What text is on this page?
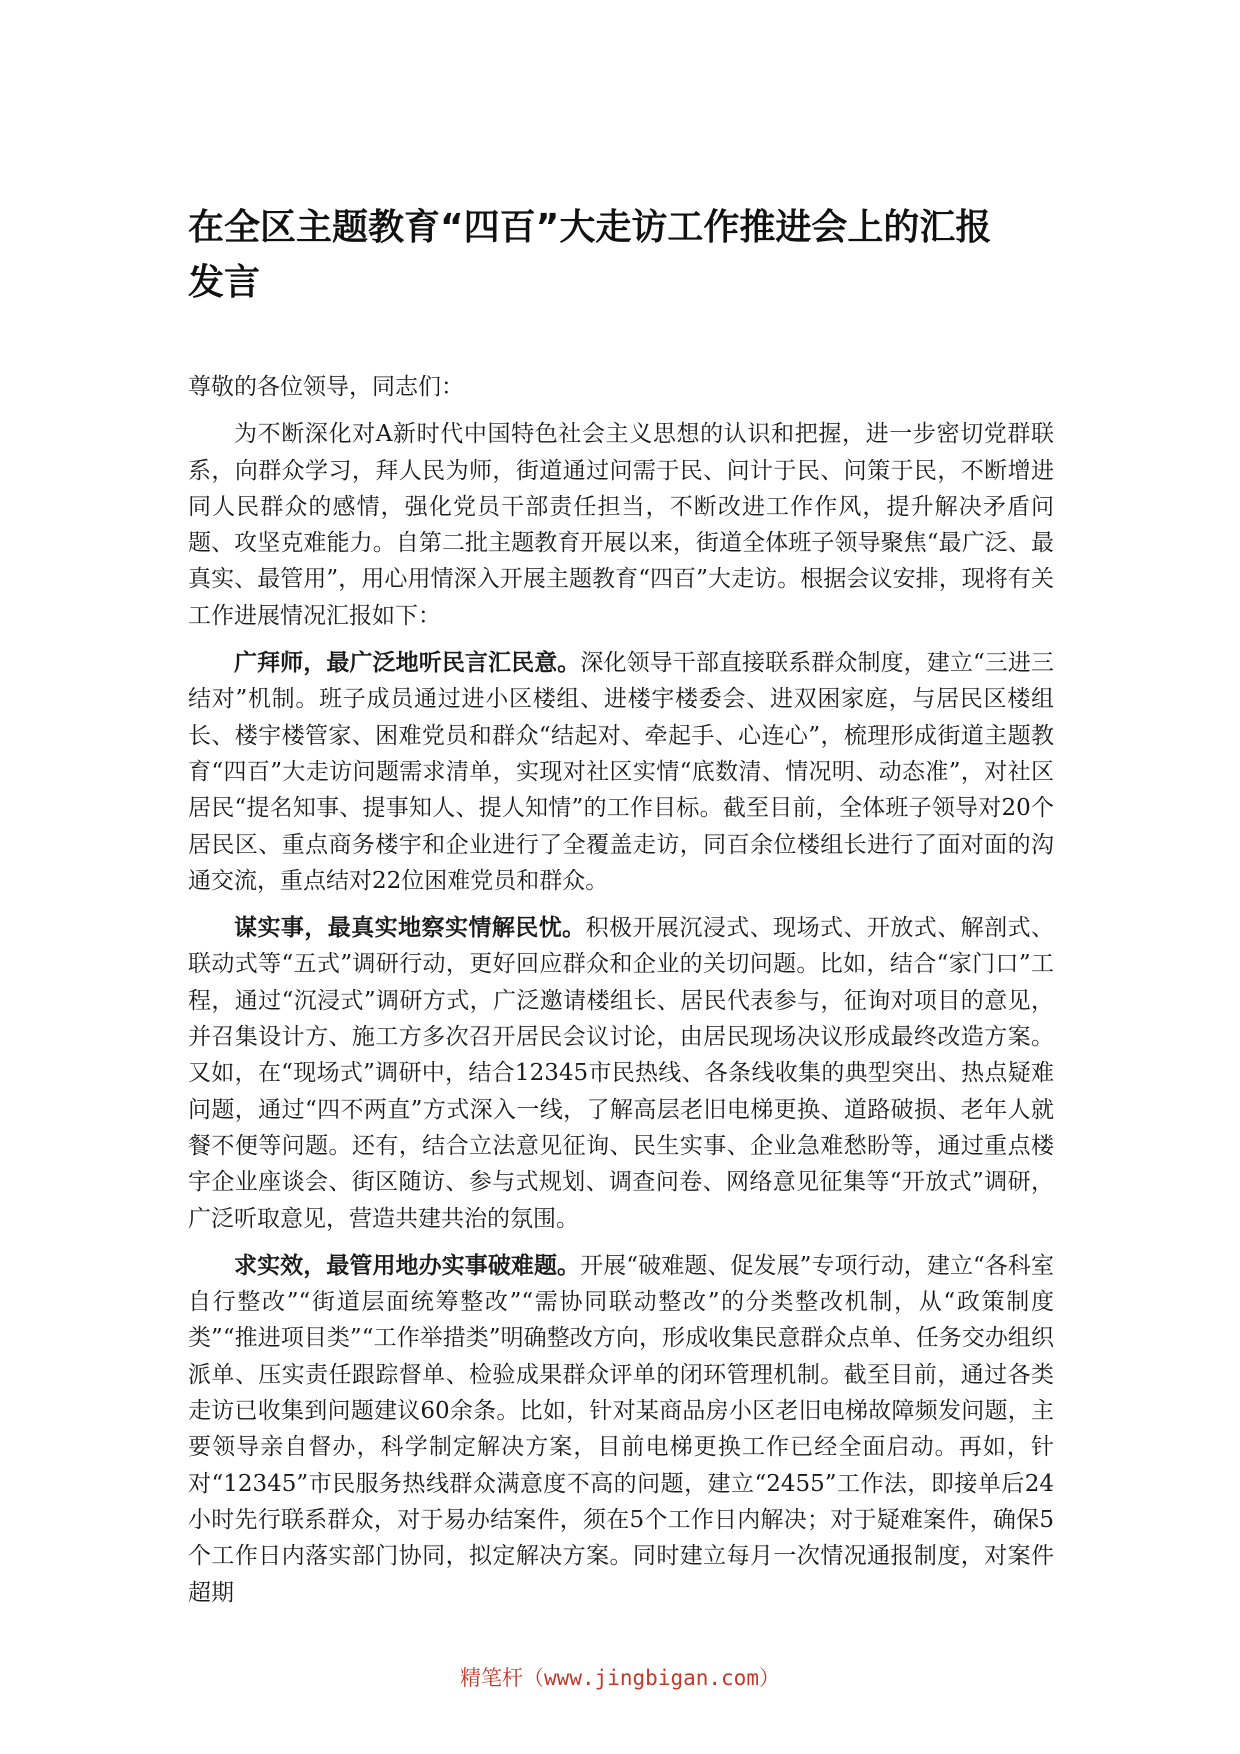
在全区主题教育“四百”大走访工作推进会上的汇报
发言

尊敬的各位领导，同志们：

为不断深化对A新时代中国特色社会主义思想的认识和把握，进一步密切党群联系，向群众学习，拜人民为师，街道通过问需于民、问计于民、问策于民，不断增进同人民群众的感情，强化党员干部责任担当，不断改进工作作风，提升解决矛盾问题、攻坚克难能力。自第二批主题教育开展以来，街道全体班子领导聚焦“最广泛、最真实、最管用”，用心用情深入开展主题教育“四百”大走访。根据会议安排，现将有关工作进展情况汇报如下：

广拜师，最广泛地听民言汇民意。深化领导干部直接联系群众制度，建立“三进三结对”机制。班子成员通过进小区楼组、进楼宇楼委会、进双困家庭，与居民区楼组长、楼宇楼管家、困难党员和群众“结起对、牵起手、心连心”，梳理形成街道主题教育“四百”大走访问题需求清单，实现对社区实情“底数清、情况明、动态准”，对社区居民“提名知事、提事知人、提人知情”的工作目标。截至目前，全体班子领导对20个居民区、重点商务楼宇和企业进行了全覆盖走访，同百余位楼组长进行了面对面的沟通交流，重点结对22位困难党员和群众。

谋实事，最真实地察实情解民忧。积极开展沉浸式、现场式、开放式、解剖式、联动式等“五式”调研行动，更好回应群众和企业的关切问题。比如，结合“家门口”工程，通过“沉浸式”调研方式，广泛邀请楼组长、居民代表参与，征询对项目的意见，并召集设计方、施工方多次召开居民会议讨论，由居民现场决议形成最终改造方案。又如，在“现场式”调研中，结合12345市民热线、各条线收集的典型突出、热点疑难问题，通过“四不两直”方式深入一线，了解高层老旧电梯更换、道路破损、老年人就餐不便等问题。还有，结合立法意见征询、民生实事、企业急难愁盼等，通过重点楼宇企业座谈会、街区随访、参与式规划、调查问卷、网络意见征集等“开放式”调研，广泛听取意见，营造共建共治的氛围。

求实效，最管用地办实事破难题。开展“破难题、促发展”专项行动，建立“各科室自行整改”“街道层面统筹整改”“需协同联动整改”的分类整改机制，从“政策制度类”“推进项目类”“工作举措类”明确整改方向，形成收集民意群众点单、任务交办组织派单、压实责任跟踪督单、检验成果群众评单的闭环管理机制。截至目前，通过各类走访已收集到问题建议60余条。比如，针对某商品房小区老旧电梯故障频发问题，主要领导亲自督办，科学制定解决方案，目前电梯更换工作已经全面启动。再如，针对“12345”市民服务热线群众满意度不高的问题，建立“2455”工作法，即接单后24小时先行联系群众，对于易办结案件，须在5个工作日内解决；对于疑难案件，确保5个工作日内落实部门协同，拟定解决方案。同时建立每月一次情况通报制度，对案件超期

精笔杆（www.jingbigan.com）
